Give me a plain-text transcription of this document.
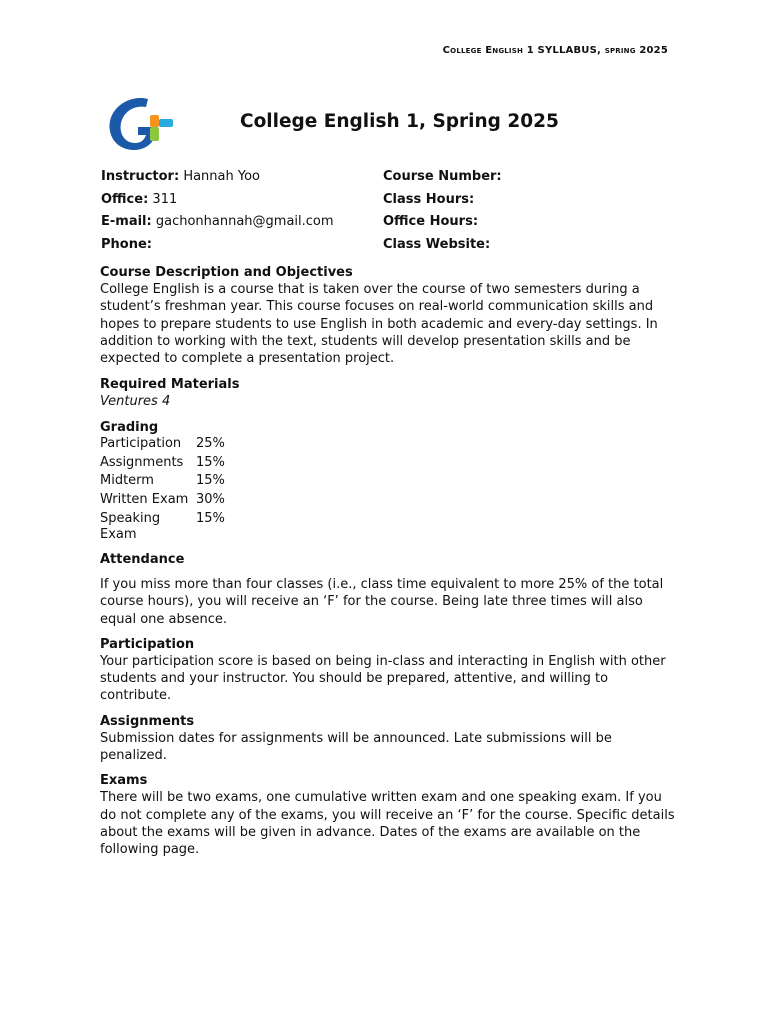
College English 1 SYLLABUS, spring 2025
College English 1, Spring 2025
Instructor: Hannah Yoo
Office: 311
E-mail: gachonhannah@gmail.com
Phone:
Course Number:
Class Hours:
Office Hours:
Class Website:

Course Description and Objectives

College English is a course that is taken over the course of two semesters during a student’s freshman year. This course focuses on real-world communication skills and hopes to prepare students to use English in both academic and every-day settings. In addition to working with the text, students will develop presentation skills and be expected to complete a presentation project.

Required Materials

Ventures 4

Grading

Participation	25%
Assignments	15%
Midterm	15%
Written Exam	30%
Speaking Exam	15%

Attendance

If you miss more than four classes (i.e., class time equivalent to more 25% of the total course hours), you will receive an ‘F’ for the course. Being late three times will also equal one absence.

Participation

Your participation score is based on being in-class and interacting in English with other students and your instructor. You should be prepared, attentive, and willing to contribute.

Assignments

Submission dates for assignments will be announced. Late submissions will be penalized.

Exams

There will be two exams, one cumulative written exam and one speaking exam. If you do not complete any of the exams, you will receive an ‘F’ for the course. Specific details about the exams will be given in advance. Dates of the exams are available on the following page.
